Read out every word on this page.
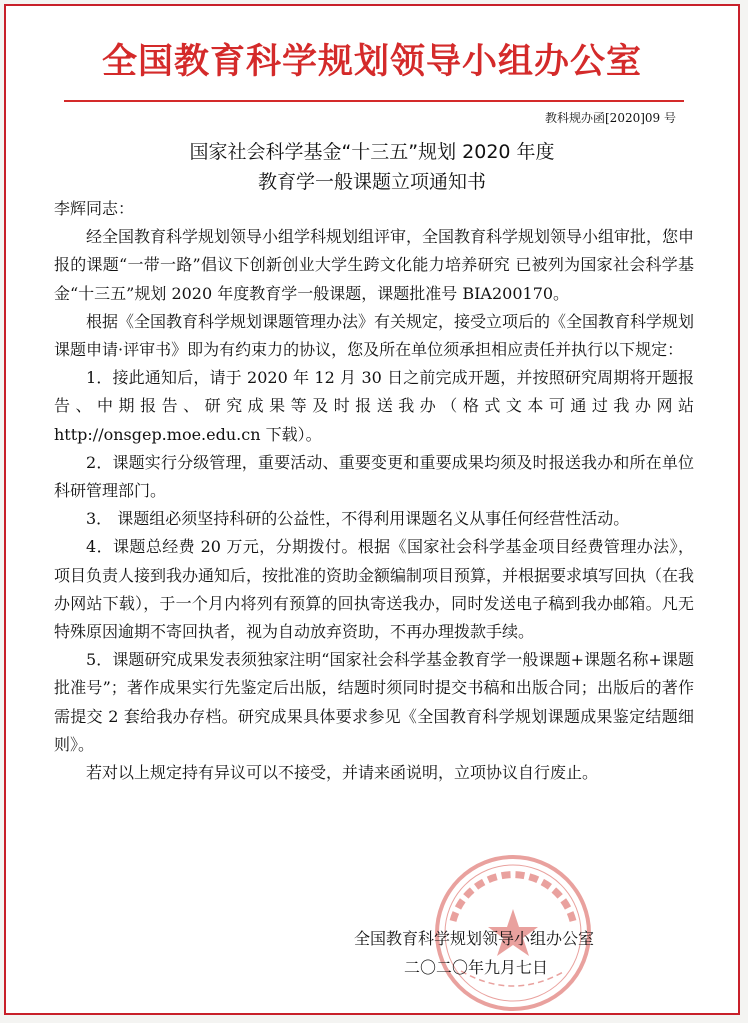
全国教育科学规划领导小组办公室
教科规办函[2020]09 号
国家社会科学基金“十三五”规划 2020 年度
教育学一般课题立项通知书

李辉同志：

经全国教育科学规划领导小组学科规划组评审，全国教育科学规划领导小组审批，您申报的课题“一带一路”倡议下创新创业大学生跨文化能力培养研究 已被列为国家社会科学基金“十三五”规划 2020 年度教育学一般课题，课题批准号 BIA200170。

根据《全国教育科学规划课题管理办法》有关规定，接受立项后的《全国教育科学规划课题申请·评审书》即为有约束力的协议，您及所在单位须承担相应责任并执行以下规定：

1．接此通知后，请于 2020 年 12 月 30 日之前完成开题，并按照研究周期将开题报告、中期报告、研究成果等及时报送我办（格式文本可通过我办网站 http://onsgep.moe.edu.cn 下载）。

2．课题实行分级管理，重要活动、重要变更和重要成果均须及时报送我办和所在单位科研管理部门。

3． 课题组必须坚持科研的公益性，不得利用课题名义从事任何经营性活动。

4．课题总经费 20 万元，分期拨付。根据《国家社会科学基金项目经费管理办法》，项目负责人接到我办通知后，按批准的资助金额编制项目预算，并根据要求填写回执（在我办网站下载），于一个月内将列有预算的回执寄送我办，同时发送电子稿到我办邮箱。凡无特殊原因逾期不寄回执者，视为自动放弃资助，不再办理拨款手续。

5．课题研究成果发表须独家注明“国家社会科学基金教育学一般课题+课题名称+课题批准号”；著作成果实行先鉴定后出版，结题时须同时提交书稿和出版合同；出版后的著作需提交 2 套给我办存档。研究成果具体要求参见《全国教育科学规划课题成果鉴定结题细则》。

若对以上规定持有异议可以不接受，并请来函说明，立项协议自行废止。

全国教育科学规划领导小组办公室
二〇二〇年九月七日
